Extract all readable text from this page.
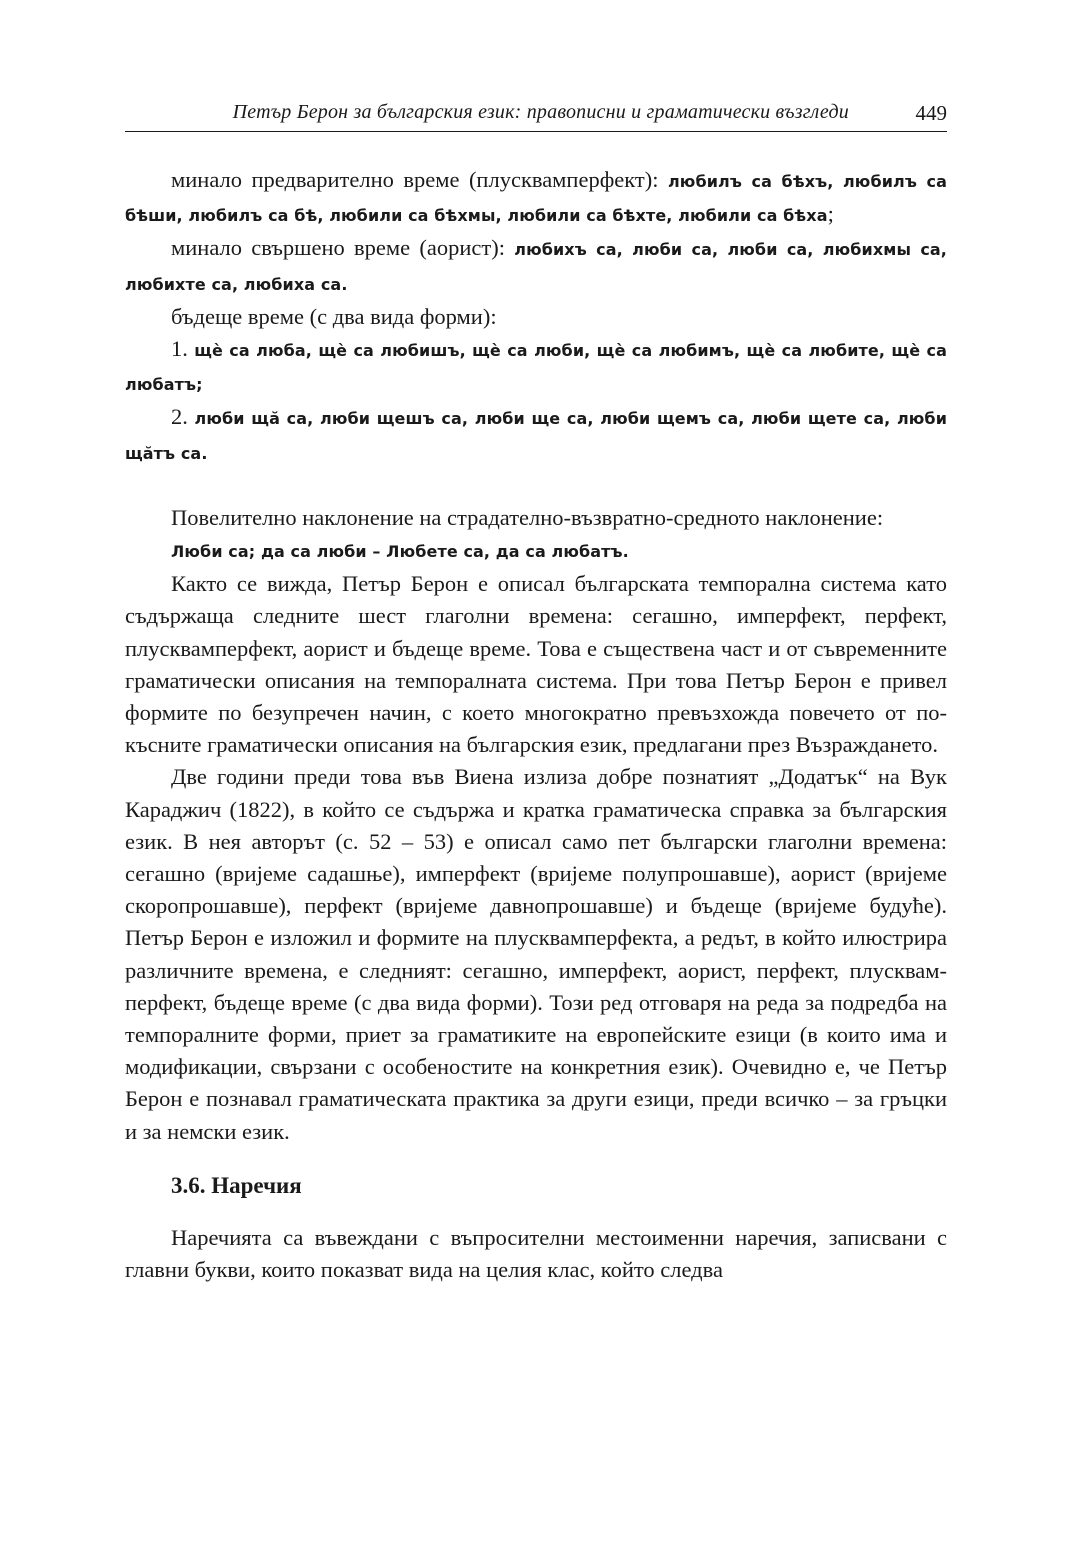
Петър Берон за българския език: правописни и граматически възгледи	449

минало предварително време (плусквамперфект): любилъ са бѣхъ, любилъ са бѣши, любилъ са бѣ, любили са бѣхмы, любили са бѣхте, любили са бѣха;

минало свършено време (аорист): любихъ са, люби са, люби са, любихмы са, любихте са, любиха са.

бъдеще време (с два вида форми):

1. щè са люба, щè са любишъ, щè са люби, щè са любимъ, щè са любите, щè са любатъ;

2. люби щă са, люби щешъ са, люби ще са, люби щемъ са, люби щете са, люби щăтъ са.

Повелително наклонение на страдателно-възвратно-средното наклонение:

Люби са; да са люби – Любете са, да са любатъ.

Както се вижда, Петър Берон е описал българската темпорална система като съдържаща следните шест глаголни времена: сегашно, имперфект, перфект, плусквамперфект, аорист и бъдеще време. Това е съществена част и от съвременните граматически описания на темпоралната система. При това Петър Берон е привел формите по безупречен начин, с което многократно превъзхожда повечето от по-късните граматически описания на българския език, предлагани през Възраждането.

Две години преди това във Виена излиза добре познатият „Додатък“ на Вук Караджич (1822), в който се съдържа и кратка граматическа справка за българския език. В нея авторът (с. 52 – 53) е описал само пет български глаголни времена: сегашно (вријеме садашње), имперфект (вријеме полупрошавше), аорист (вријеме скоропрошавше), перфект (вријеме давнопрошавше) и бъдеще (вријеме будуће). Петър Берон е изложил и формите на плусквамперфекта, а редът, в който илюстрира различните времена, е следният: сегашно, имперфект, аорист, перфект, плусквамперфект, бъдеще време (с два вида форми). Този ред отговаря на реда за подредба на темпоралните форми, приет за граматиките на европейските езици (в които има и модификации, свързани с особеностите на конкретния език). Очевидно е, че Петър Берон е познавал граматическата практика за други езици, преди всичко – за гръцки и за немски език.

3.6. Наречия

Наречията са въвеждани с въпросителни местоименни наречия, записвани с главни букви, които показват вида на целия клас, който следва
